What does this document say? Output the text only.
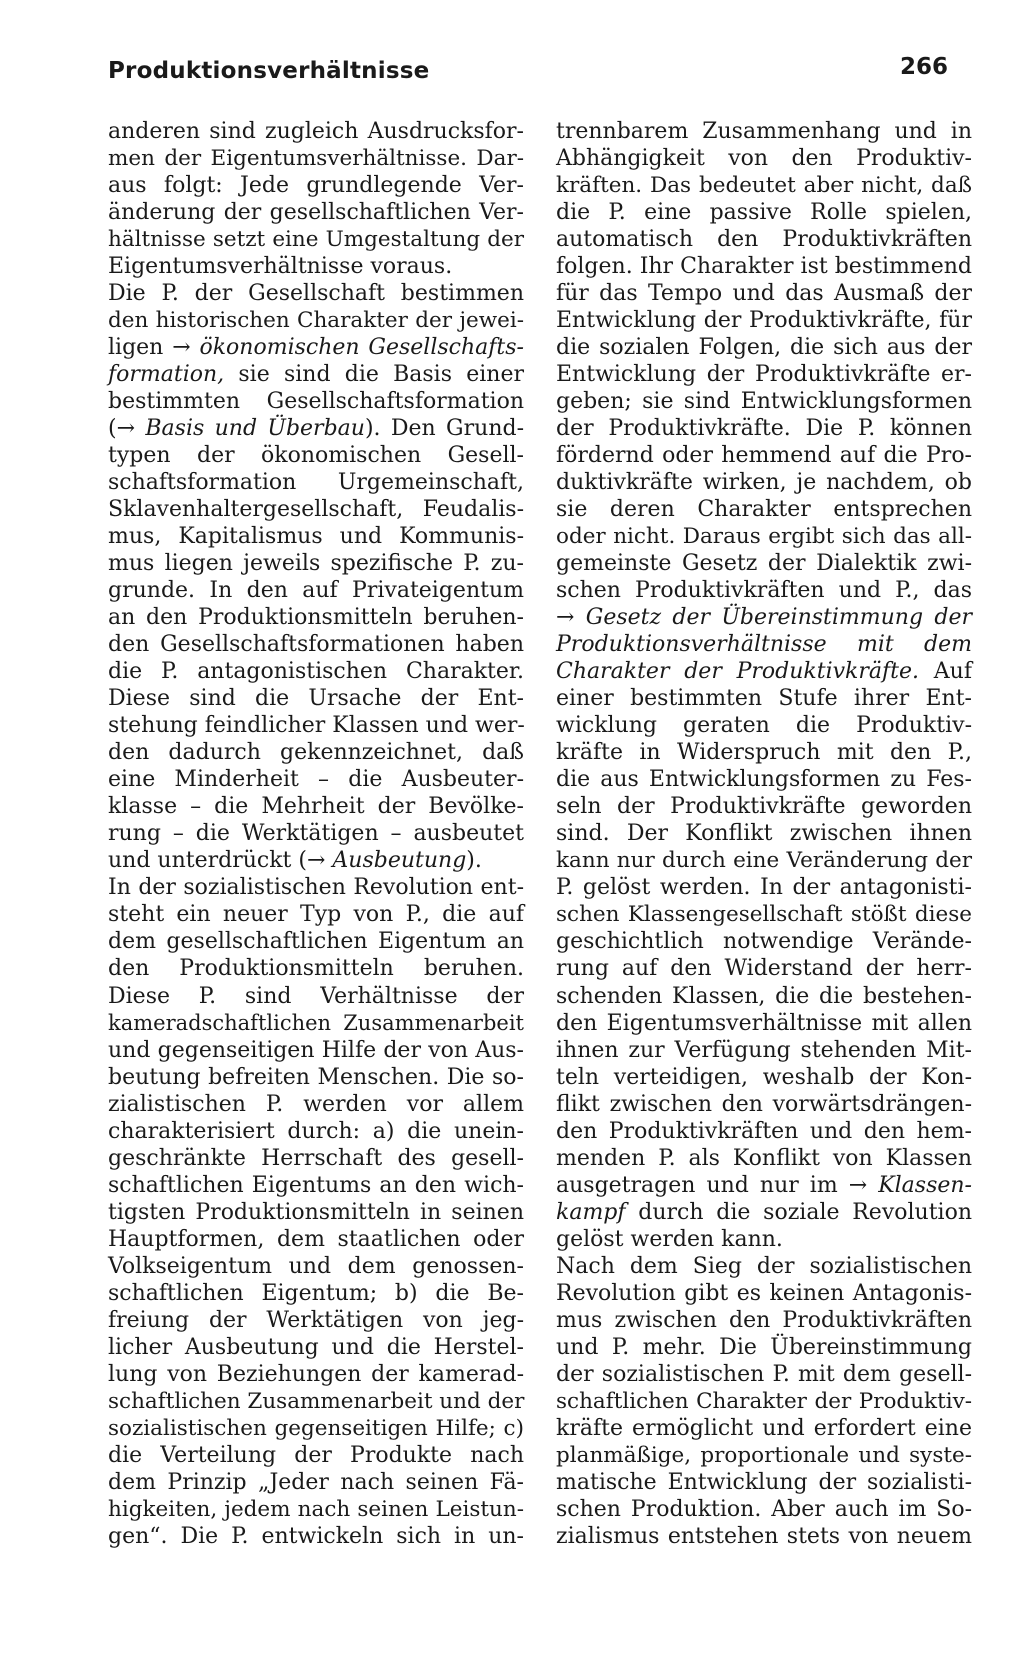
Produktionsverhältnisse	266
anderen sind zugleich Ausdrucksfor-
men der Eigentumsverhältnisse. Dar-
aus folgt: Jede grundlegende Ver-
änderung der gesellschaftlichen Ver-
hältnisse setzt eine Umgestaltung der
Eigentumsverhältnisse voraus.
Die P. der Gesellschaft bestimmen
den historischen Charakter der jewei-
ligen → ökonomischen Gesellschafts-
formation, sie sind die Basis einer
bestimmten Gesellschaftsformation
(→ Basis und Überbau). Den Grund-
typen der ökonomischen Gesell-
schaftsformation Urgemeinschaft,
Sklavenhaltergesellschaft, Feudalis-
mus, Kapitalismus und Kommunis-
mus liegen jeweils spezifische P. zu-
grunde. In den auf Privateigentum
an den Produktionsmitteln beruhen-
den Gesellschaftsformationen haben
die P. antagonistischen Charakter.
Diese sind die Ursache der Ent-
stehung feindlicher Klassen und wer-
den dadurch gekennzeichnet, daß
eine Minderheit – die Ausbeuter-
klasse – die Mehrheit der Bevölke-
rung – die Werktätigen – ausbeutet
und unterdrückt (→ Ausbeutung).
In der sozialistischen Revolution ent-
steht ein neuer Typ von P., die auf
dem gesellschaftlichen Eigentum an
den Produktionsmitteln beruhen.
Diese P. sind Verhältnisse der
kameradschaftlichen Zusammenarbeit
und gegenseitigen Hilfe der von Aus-
beutung befreiten Menschen. Die so-
zialistischen P. werden vor allem
charakterisiert durch: a) die unein-
geschränkte Herrschaft des gesell-
schaftlichen Eigentums an den wich-
tigsten Produktionsmitteln in seinen
Hauptformen, dem staatlichen oder
Volkseigentum und dem genossen-
schaftlichen Eigentum; b) die Be-
freiung der Werktätigen von jeg-
licher Ausbeutung und die Herstel-
lung von Beziehungen der kamerad-
schaftlichen Zusammenarbeit und der
sozialistischen gegenseitigen Hilfe; c)
die Verteilung der Produkte nach
dem Prinzip „Jeder nach seinen Fä-
higkeiten, jedem nach seinen Leistun-
gen“. Die P. entwickeln sich in un-
trennbarem Zusammenhang und in
Abhängigkeit von den Produktiv-
kräften. Das bedeutet aber nicht, daß
die P. eine passive Rolle spielen,
automatisch den Produktivkräften
folgen. Ihr Charakter ist bestimmend
für das Tempo und das Ausmaß der
Entwicklung der Produktivkräfte, für
die sozialen Folgen, die sich aus der
Entwicklung der Produktivkräfte er-
geben; sie sind Entwicklungsformen
der Produktivkräfte. Die P. können
fördernd oder hemmend auf die Pro-
duktivkräfte wirken, je nachdem, ob
sie deren Charakter entsprechen
oder nicht. Daraus ergibt sich das all-
gemeinste Gesetz der Dialektik zwi-
schen Produktivkräften und P., das
→ Gesetz der Übereinstimmung der
Produktionsverhältnisse mit dem
Charakter der Produktivkräfte. Auf
einer bestimmten Stufe ihrer Ent-
wicklung geraten die Produktiv-
kräfte in Widerspruch mit den P.,
die aus Entwicklungsformen zu Fes-
seln der Produktivkräfte geworden
sind. Der Konflikt zwischen ihnen
kann nur durch eine Veränderung der
P. gelöst werden. In der antagonisti-
schen Klassengesellschaft stößt diese
geschichtlich notwendige Verände-
rung auf den Widerstand der herr-
schenden Klassen, die die bestehen-
den Eigentumsverhältnisse mit allen
ihnen zur Verfügung stehenden Mit-
teln verteidigen, weshalb der Kon-
flikt zwischen den vorwärtsdrängen-
den Produktivkräften und den hem-
menden P. als Konflikt von Klassen
ausgetragen und nur im → Klassen-
kampf durch die soziale Revolution
gelöst werden kann.
Nach dem Sieg der sozialistischen
Revolution gibt es keinen Antagonis-
mus zwischen den Produktivkräften
und P. mehr. Die Übereinstimmung
der sozialistischen P. mit dem gesell-
schaftlichen Charakter der Produktiv-
kräfte ermöglicht und erfordert eine
planmäßige, proportionale und syste-
matische Entwicklung der sozialisti-
schen Produktion. Aber auch im So-
zialismus entstehen stets von neuem
